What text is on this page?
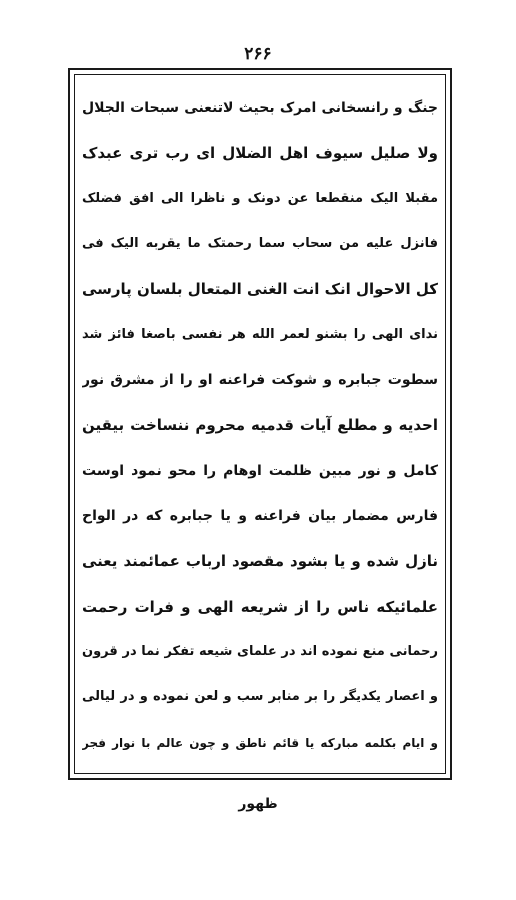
۲۶۶
جنگ و رانسخانی امرک بحیث لاتنعنی سبحات الجلال
ولا صلیل سیوف اهل الضلال ای رب تری عبدک
مقبلا الیک منقطعا عن دونک و ناظرا الی افق فضلک
فانزل علیه من سحاب سما رحمتک ما یقربه الیک فی
کل الاحوال انک انت الغنی المتعال بلسان پارسی
ندای الهی را بشنو لعمر الله هر نفسی باصغا فائز شد
سطوت جبابره و شوکت فراعنه او را از مشرق نور
احدیه و مطلع آیات قدمیه محروم ننساخت بیقین
کامل و نور مبین ظلمت اوهام را محو نمود اوست
فارس مضمار بیان فراعنه و یا جبابره که در الواح
نازل شده و یا بشود مقصود ارباب عمائمند یعنی
علمائیکه ناس را از شریعه الهی و فرات رحمت
رحمانی منع نموده اند در علمای شیعه تفکر نما در قرون
و اعصار یکدیگر را بر منابر سب و لعن نموده و در لیالی
و ایام بکلمه مبارکه یا قائم ناطق و چون عالم با نوار فجر
ظهور
